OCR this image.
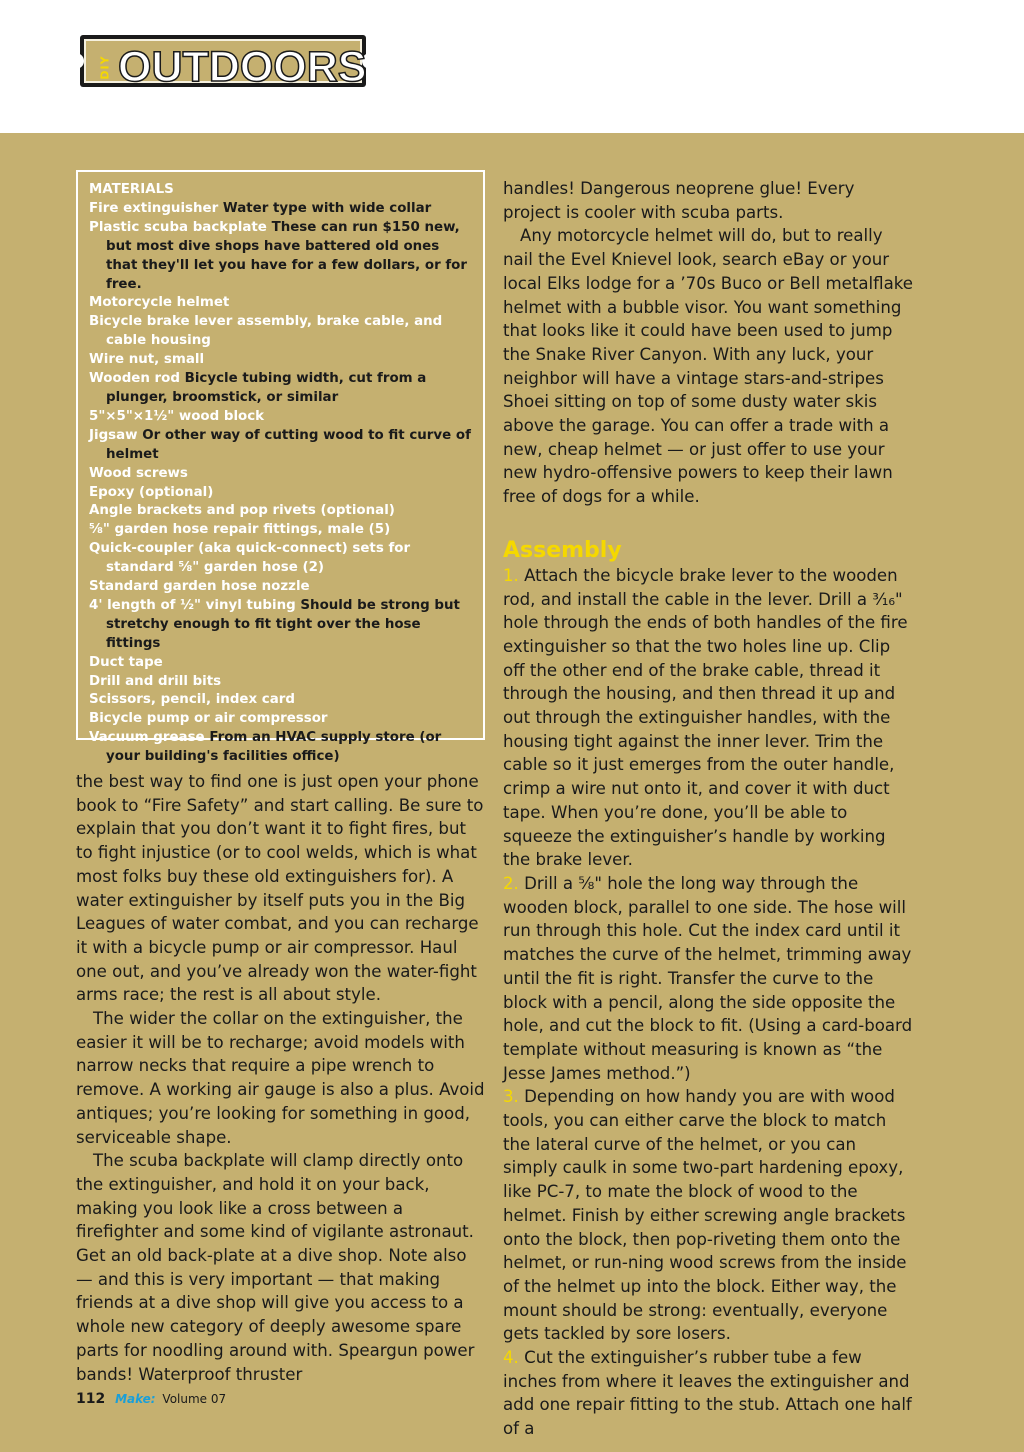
DIY OUTDOORS
MATERIALS
Fire extinguisher Water type with wide collar
Plastic scuba backplate These can run $150 new, but most dive shops have battered old ones that they'll let you have for a few dollars, or for free.
Motorcycle helmet
Bicycle brake lever assembly, brake cable, and cable housing
Wire nut, small
Wooden rod Bicycle tubing width, cut from a plunger, broomstick, or similar
5"×5"×1½" wood block
Jigsaw Or other way of cutting wood to fit curve of helmet
Wood screws
Epoxy (optional)
Angle brackets and pop rivets (optional)
⅝" garden hose repair fittings, male (5)
Quick-coupler (aka quick-connect) sets for standard ⅝" garden hose (2)
Standard garden hose nozzle
4' length of ½" vinyl tubing Should be strong but stretchy enough to fit tight over the hose fittings
Duct tape
Drill and drill bits
Scissors, pencil, index card
Bicycle pump or air compressor
Vacuum grease From an HVAC supply store (or your building's facilities office)

the best way to find one is just open your phone book to “Fire Safety” and start calling. Be sure to explain that you don’t want it to fight fires, but to fight injustice (or to cool welds, which is what most folks buy these old extinguishers for). A water extinguisher by itself puts you in the Big Leagues of water combat, and you can recharge it with a bicycle pump or air compressor. Haul one out, and you’ve already won the water-fight arms race; the rest is all about style.

The wider the collar on the extinguisher, the easier it will be to recharge; avoid models with narrow necks that require a pipe wrench to remove. A working air gauge is also a plus. Avoid antiques; you’re looking for something in good, serviceable shape.

The scuba backplate will clamp directly onto the extinguisher, and hold it on your back, making you look like a cross between a firefighter and some kind of vigilante astronaut. Get an old back-plate at a dive shop. Note also — and this is very important — that making friends at a dive shop will give you access to a whole new category of deeply awesome spare parts for noodling around with. Speargun power bands! Waterproof thruster

handles! Dangerous neoprene glue! Every project is cooler with scuba parts.

Any motorcycle helmet will do, but to really nail the Evel Knievel look, search eBay or your local Elks lodge for a ’70s Buco or Bell metalflake helmet with a bubble visor. You want something that looks like it could have been used to jump the Snake River Canyon. With any luck, your neighbor will have a vintage stars-and-stripes Shoei sitting on top of some dusty water skis above the garage. You can offer a trade with a new, cheap helmet — or just offer to use your new hydro-offensive powers to keep their lawn free of dogs for a while.

Assembly

1. Attach the bicycle brake lever to the wooden rod, and install the cable in the lever. Drill a ³⁄₁₆" hole through the ends of both handles of the fire extinguisher so that the two holes line up. Clip off the other end of the brake cable, thread it through the housing, and then thread it up and out through the extinguisher handles, with the housing tight against the inner lever. Trim the cable so it just emerges from the outer handle, crimp a wire nut onto it, and cover it with duct tape. When you’re done, you’ll be able to squeeze the extinguisher’s handle by working the brake lever.

2. Drill a ⅝" hole the long way through the wooden block, parallel to one side. The hose will run through this hole. Cut the index card until it matches the curve of the helmet, trimming away until the fit is right. Transfer the curve to the block with a pencil, along the side opposite the hole, and cut the block to fit. (Using a card-board template without measuring is known as “the Jesse James method.”)

3. Depending on how handy you are with wood tools, you can either carve the block to match the lateral curve of the helmet, or you can simply caulk in some two-part hardening epoxy, like PC-7, to mate the block of wood to the helmet. Finish by either screwing angle brackets onto the block, then pop-riveting them onto the helmet, or run-ning wood screws from the inside of the helmet up into the block. Either way, the mount should be strong: eventually, everyone gets tackled by sore losers.

4. Cut the extinguisher’s rubber tube a few inches from where it leaves the extinguisher and add one repair fitting to the stub. Attach one half of a

112 Make: Volume 07
